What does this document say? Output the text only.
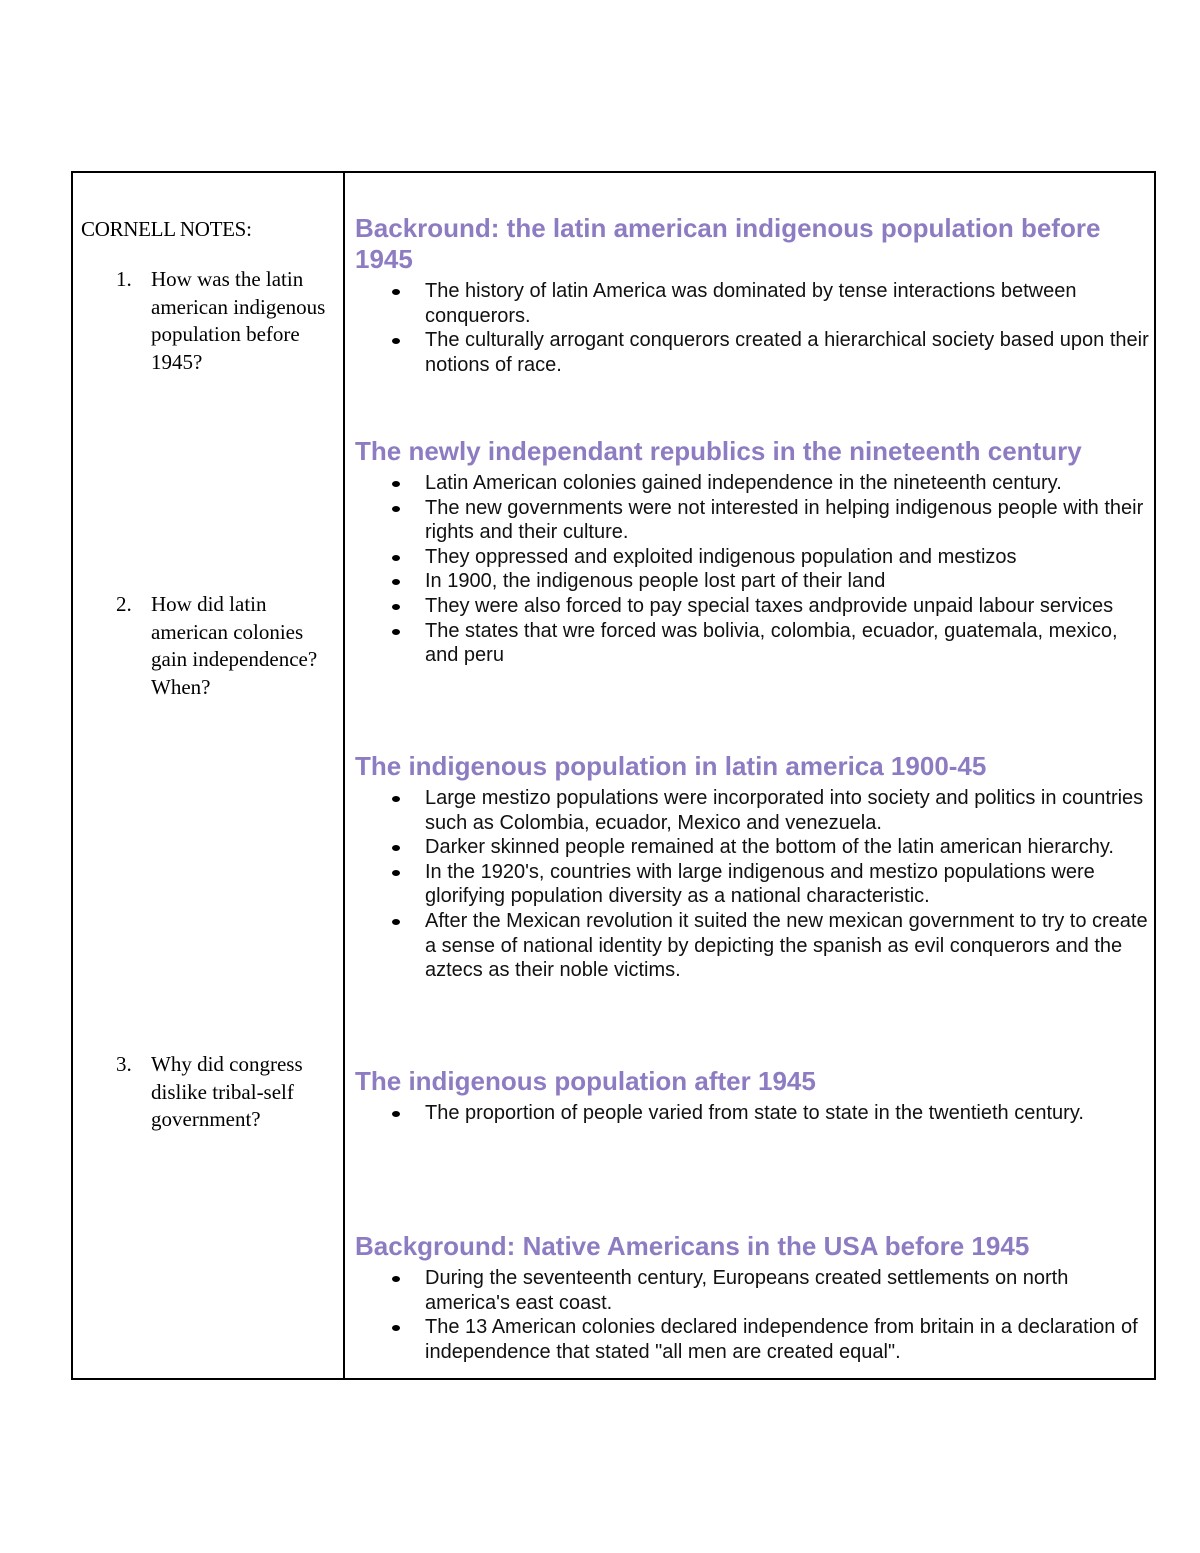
CORNELL NOTES:
1. How was the latin american indigenous population before 1945?
2. How did latin american colonies gain independence? When?
3. Why did congress dislike tribal-self government?
Backround: the latin american indigenous population before 1945
The history of latin America was dominated by tense interactions between conquerors.
The culturally arrogant conquerors created a hierarchical society based upon their notions of race.
The newly independant republics in the nineteenth century
Latin American colonies gained independence in the nineteenth century.
The new governments were not interested in helping indigenous people with their rights and their culture.
They oppressed and exploited indigenous population and mestizos
In 1900, the indigenous people lost part of their land
They were also forced to pay special taxes andprovide unpaid labour services
The states that wre forced was bolivia, colombia, ecuador, guatemala, mexico, and peru
The indigenous population in latin america 1900-45
Large mestizo populations were incorporated into society and politics in countries such as Colombia, ecuador, Mexico and venezuela.
Darker skinned people remained at the bottom of the latin american hierarchy.
In the 1920's, countries with large indigenous and mestizo populations were glorifying population diversity as a national characteristic.
After the Mexican revolution it suited the new mexican government to try to create a sense of national identity by depicting the spanish as evil conquerors and the aztecs as their noble victims.
The indigenous population after 1945
The proportion of people varied from state to state in the twentieth century.
Background: Native Americans in the USA before 1945
During the seventeenth century, Europeans created settlements on north america's east coast.
The 13 American colonies declared independence from britain in a declaration of independence that stated "all men are created equal".
